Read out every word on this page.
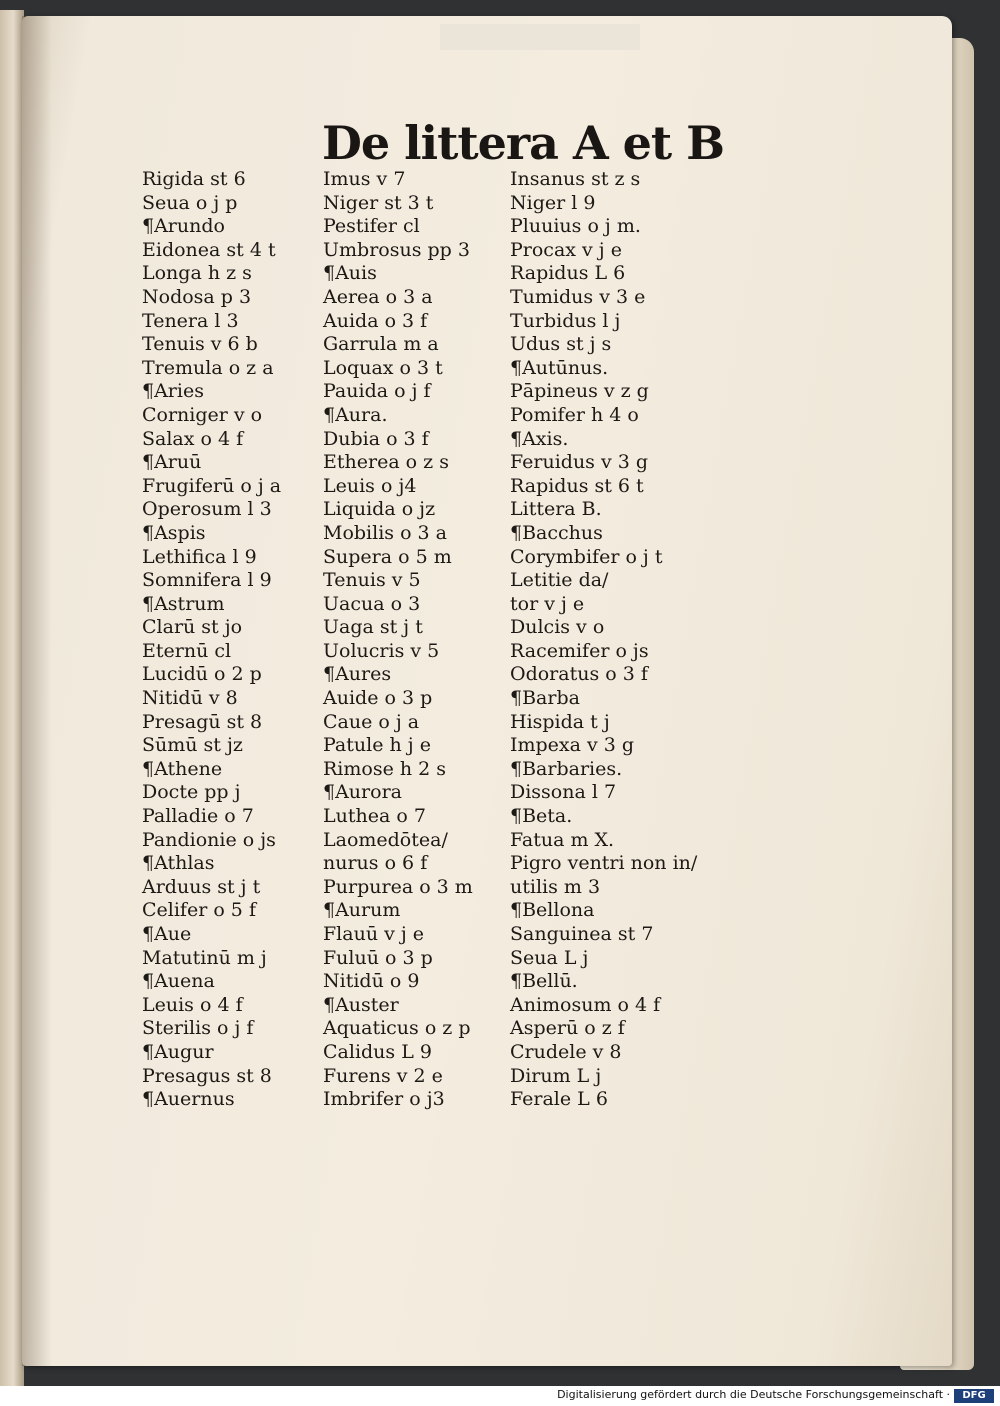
De littera A et B
Rigida st 6
Seua o j p
¶Arundo
Eidonea st 4 t
Longa h z s
Nodosa p 3
Tenera l 3
Tenuis v 6 b
Tremula o z a
¶Aries
Corniger v o
Salax o 4 f
¶Aruū
Frugiferū o j a
Operosum l 3
¶Aspis
Lethifica l 9
Somnifera l 9
¶Astrum
Clarū st jo
Eternū cl
Lucidū o 2 p
Nitidū v 8
Presagū st 8
Sūmū st jz
¶Athene
Docte pp j
Palladie o 7
Pandionie o js
¶Athlas
Arduus st j t
Celifer o 5 f
¶Aue
Matutinū m j
¶Auena
Leuis o 4 f
Sterilis o j f
¶Augur
Presagus st 8
¶Auernus
Imus v 7
Niger st 3 t
Pestifer cl
Umbrosus pp 3
¶Auis
Aerea o 3 a
Auida o 3 f
Garrula m a
Loquax o 3 t
Pauida o j f
¶Aura.
Dubia o 3 f
Etherea o z s
Leuis o j4
Liquida o jz
Mobilis o 3 a
Supera o 5 m
Tenuis v 5
Uacua o 3
Uaga st j t
Uolucris v 5
¶Aures
Auide o 3 p
Caue o j a
Patule h j e
Rimose h 2 s
¶Aurora
Luthea o 7
Laomedōtea/
nurus o 6 f
Purpurea o 3 m
¶Aurum
Flauū v j e
Fuluū o 3 p
Nitidū o 9
¶Auster
Aquaticus o z p
Calidus L 9
Furens v 2 e
Imbrifer o j3
Insanus st z s
Niger l 9
Pluuius o j m.
Procax v j e
Rapidus L 6
Tumidus v 3 e
Turbidus l j
Udus st j s
¶Autūnus.
Pāpineus v z g
Pomifer h 4 o
¶Axis.
Feruidus v 3 g
Rapidus st 6 t
Littera B.
¶Bacchus
Corymbifer o j t
Letitie da/
tor v j e
Dulcis v o
Racemifer o js
Odoratus o 3 f
¶Barba
Hispida t j
Impexa v 3 g
¶Barbaries.
Dissona l 7
¶Beta.
Fatua m X.
Pigro ventri non in/
utilis m 3
¶Bellona
Sanguinea st 7
Seua L j
¶Bellū.
Animosum o 4 f
Asperū o z f
Crudele v 8
Dirum L j
Ferale L 6
Digitalisierung gefördert durch die Deutsche Forschungsgemeinschaft ·	DFG
